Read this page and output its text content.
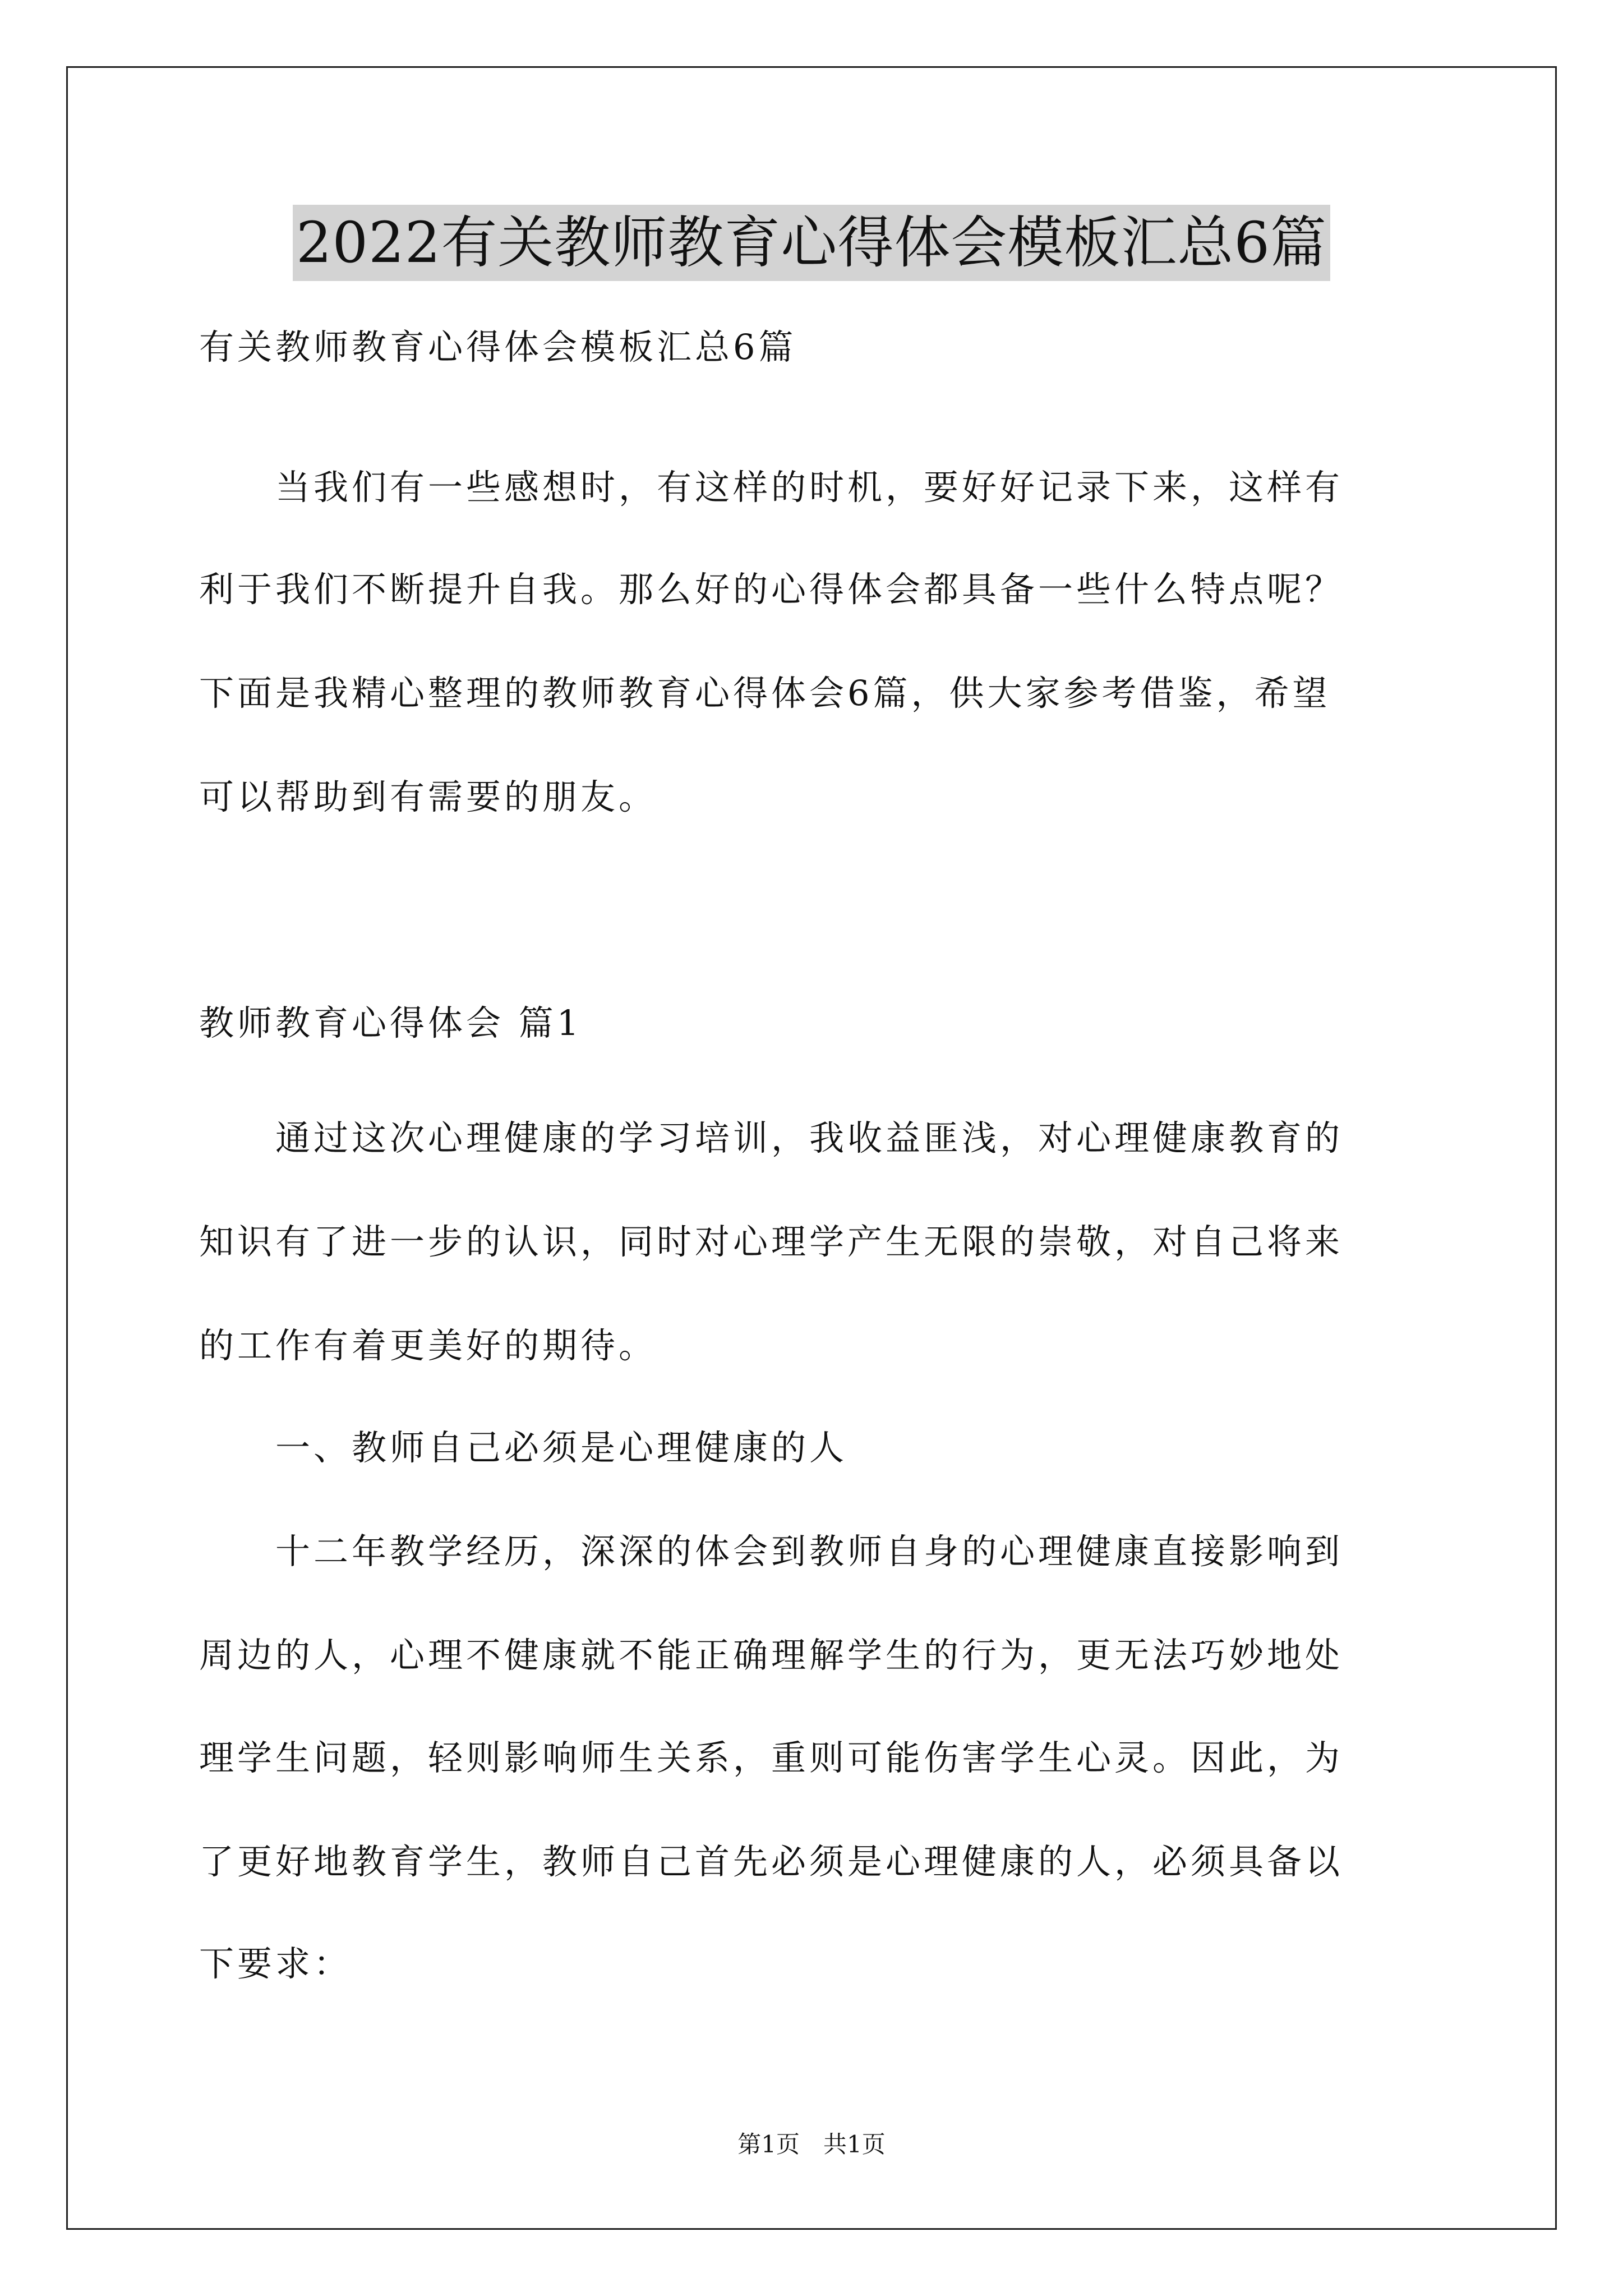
2022有关教师教育心得体会模板汇总6篇
有关教师教育心得体会模板汇总6篇
　　当我们有一些感想时，有这样的时机，要好好记录下来，这样有
利于我们不断提升自我。那么好的心得体会都具备一些什么特点呢？
下面是我精心整理的教师教育心得体会6篇，供大家参考借鉴，希望
可以帮助到有需要的朋友。
教师教育心得体会 篇1
　　通过这次心理健康的学习培训，我收益匪浅，对心理健康教育的
知识有了进一步的认识，同时对心理学产生无限的崇敬，对自己将来
的工作有着更美好的期待。
　　一、教师自己必须是心理健康的人
　　十二年教学经历，深深的体会到教师自身的心理健康直接影响到
周边的人，心理不健康就不能正确理解学生的行为，更无法巧妙地处
理学生问题，轻则影响师生关系，重则可能伤害学生心灵。因此，为
了更好地教育学生，教师自己首先必须是心理健康的人，必须具备以
下要求：
第1页　共1页
